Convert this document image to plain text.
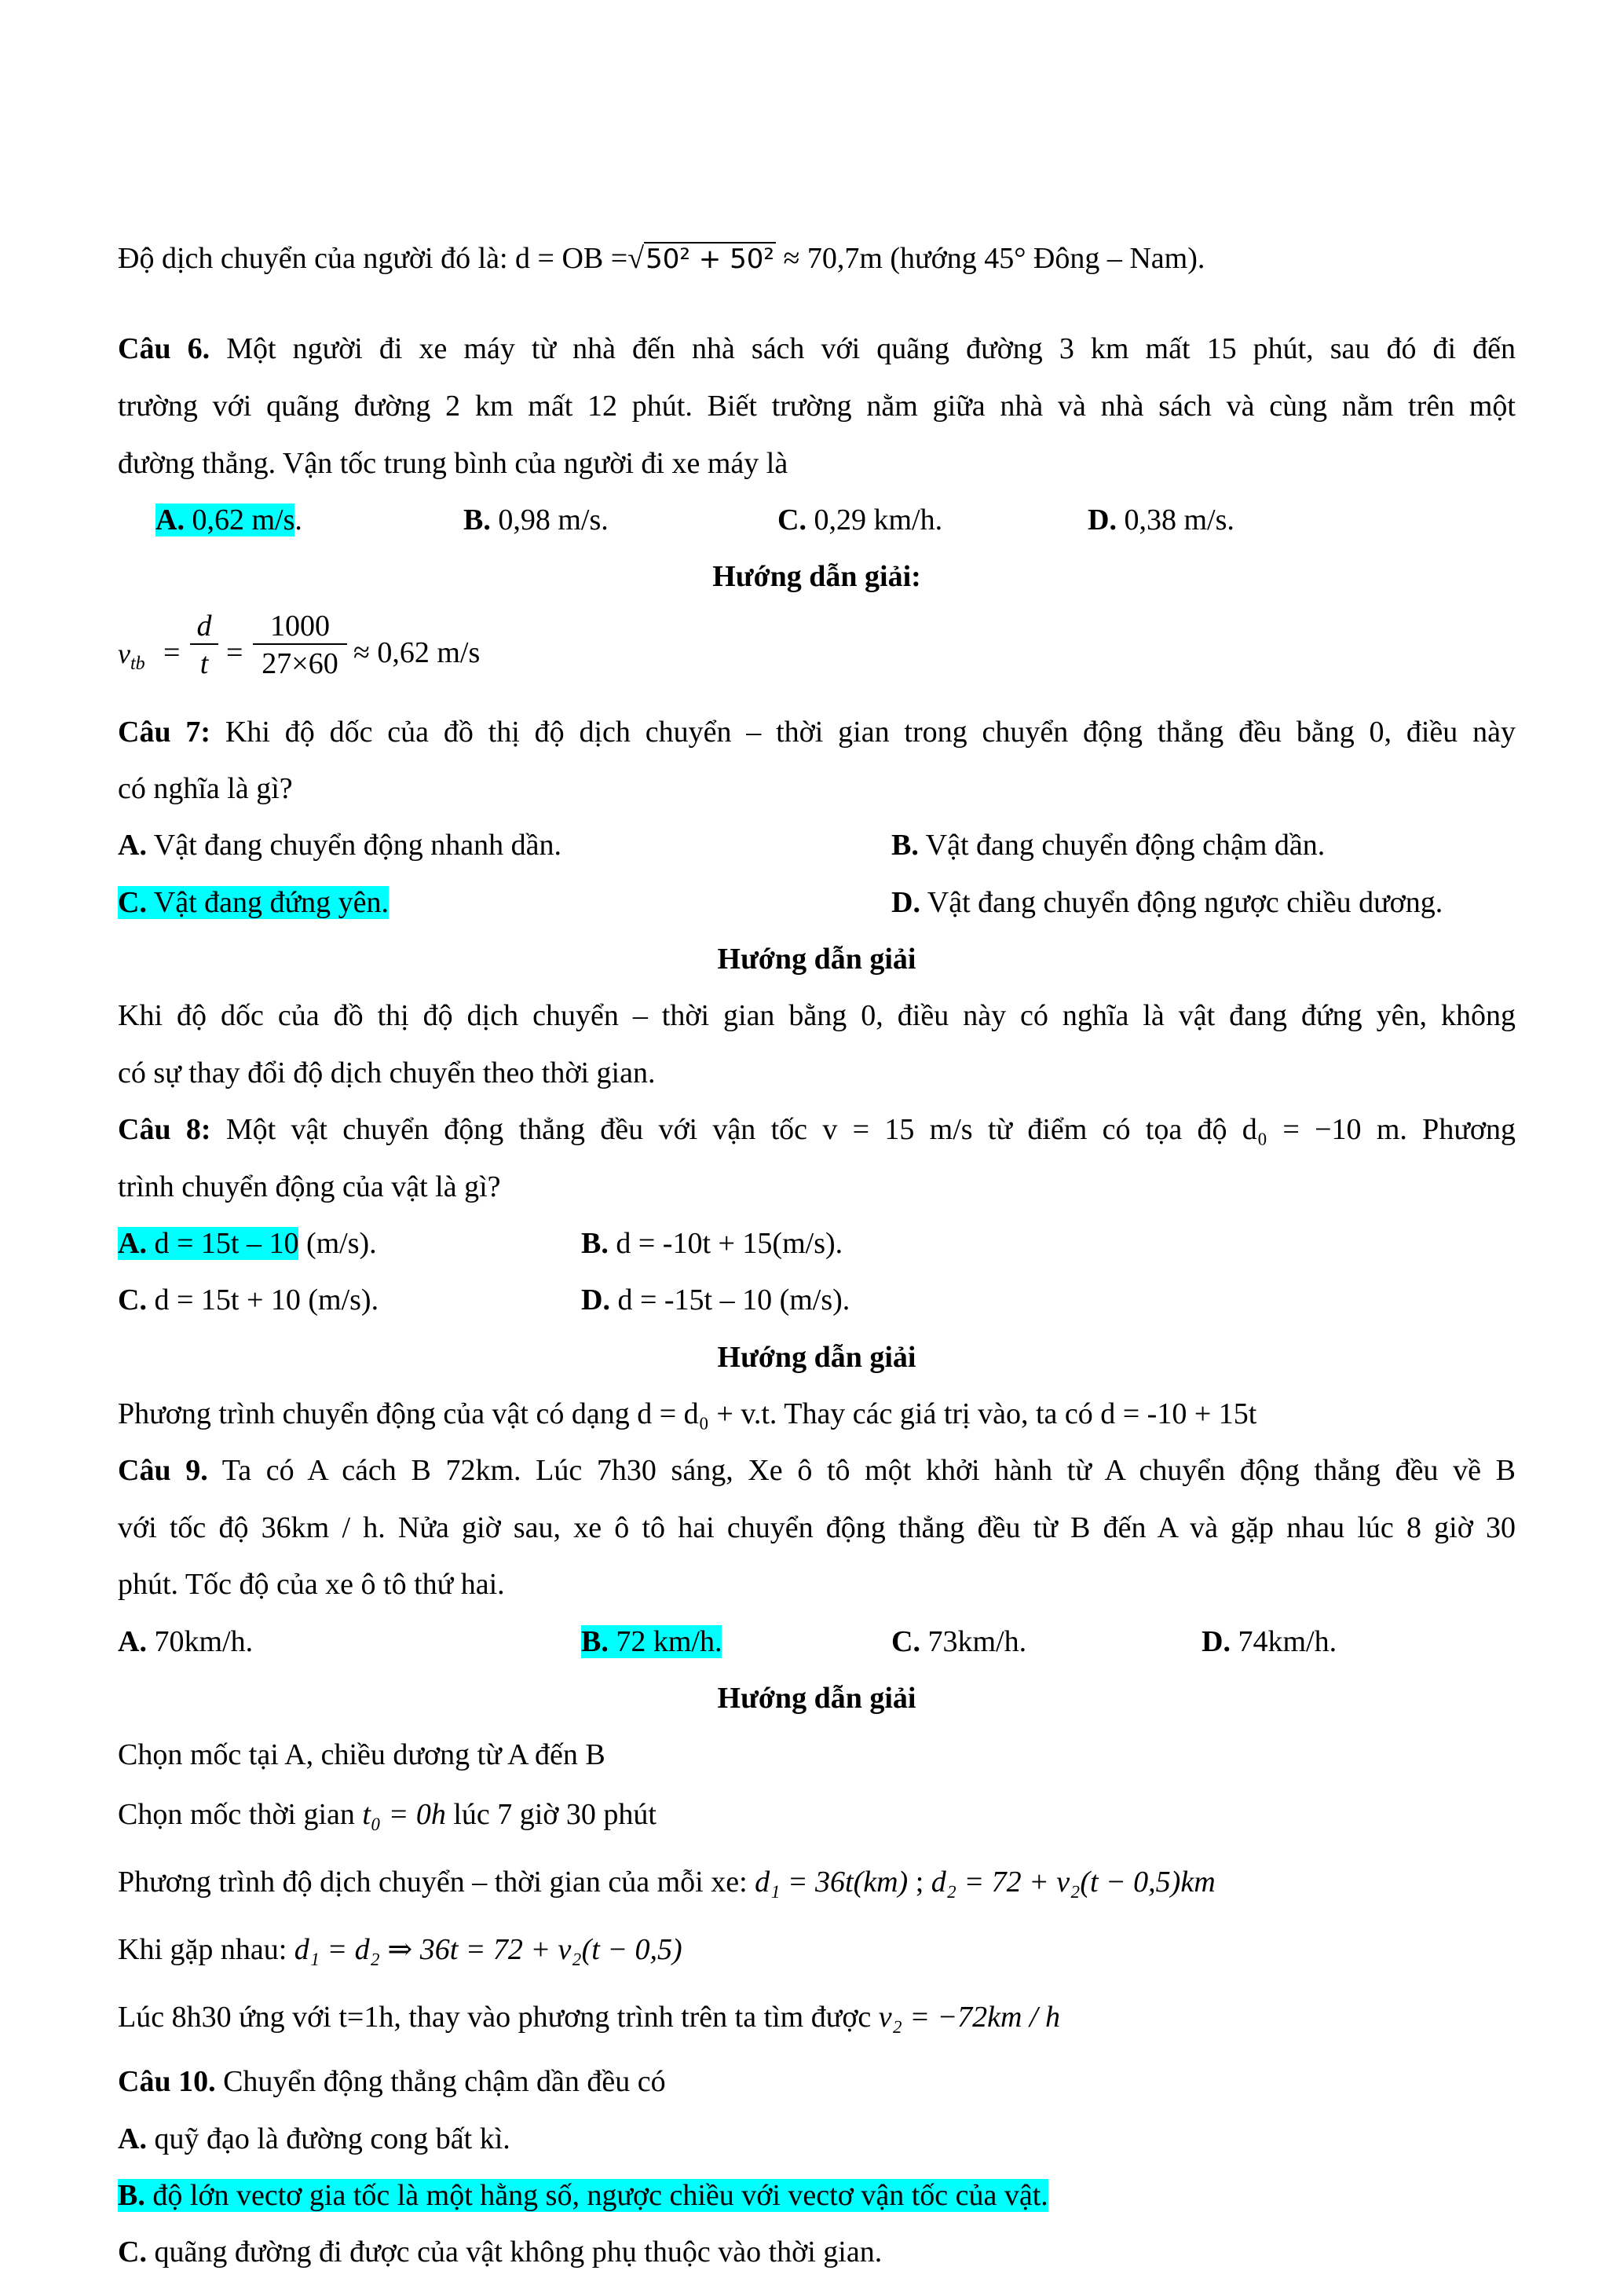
Độ dịch chuyển của người đó là: d = OB =√50² + 50² ≈ 70,7m (hướng 45° Đông – Nam).
Câu 6. Một người đi xe máy từ nhà đến nhà sách với quãng đường 3 km mất 15 phút, sau đó đi đến
trường với quãng đường 2 km mất 12 phút. Biết trường nằm giữa nhà và nhà sách và cùng nằm trên một
đường thẳng. Vận tốc trung bình của người đi xe máy là
A. 0,62 m/s.	B. 0,98 m/s.	C. 0,29 km/h.	D. 0,38 m/s.
Hướng dẫn giải:
$v_{tb}$ =
d
t =
1000
27×60 ≈ 0,62 m/s
Câu 7: Khi độ dốc của đồ thị độ dịch chuyển – thời gian trong chuyển động thẳng đều bằng 0, điều này
có nghĩa là gì?
A. Vật đang chuyển động nhanh dần.	B. Vật đang chuyển động chậm dần.
C. Vật đang đứng yên.	D. Vật đang chuyển động ngược chiều dương.
Hướng dẫn giải
Khi độ dốc của đồ thị độ dịch chuyển – thời gian bằng 0, điều này có nghĩa là vật đang đứng yên, không
có sự thay đổi độ dịch chuyển theo thời gian.
Câu 8: Một vật chuyển động thẳng đều với vận tốc v = 15 m/s từ điểm có tọa độ d₀ = −10 m. Phương
trình chuyển động của vật là gì?
A. d = 15t – 10 (m/s).	B. d = -10t + 15(m/s).
C. d = 15t + 10 (m/s).	D. d = -15t – 10 (m/s).
Hướng dẫn giải
Phương trình chuyển động của vật có dạng d = d₀ + v.t. Thay các giá trị vào, ta có d = -10 + 15t
Câu 9. Ta có A cách B 72km. Lúc 7h30 sáng, Xe ô tô một khởi hành từ A chuyển động thẳng đều về B
với tốc độ 36km / h. Nửa giờ sau, xe ô tô hai chuyển động thẳng đều từ B đến A và gặp nhau lúc 8 giờ 30
phút. Tốc độ của xe ô tô thứ hai.
A. 70km/h.	B. 72 km/h.	C. 73km/h.	D. 74km/h.
Hướng dẫn giải
Chọn mốc tại A, chiều dương từ A đến B
Chọn mốc thời gian t₀ = 0h lúc 7 giờ 30 phút
Phương trình độ dịch chuyển – thời gian của mỗi xe: d₁ = 36t(km) ; d₂ = 72 + v₂(t − 0,5)km
Khi gặp nhau: d₁ = d₂ ⇒ 36t = 72 + v₂(t − 0,5)
Lúc 8h30 ứng với t=1h, thay vào phương trình trên ta tìm được v₂ = −72km / h
Câu 10. Chuyển động thẳng chậm dần đều có
A. quỹ đạo là đường cong bất kì.
B. độ lớn vectơ gia tốc là một hằng số, ngược chiều với vectơ vận tốc của vật.
C. quãng đường đi được của vật không phụ thuộc vào thời gian.
